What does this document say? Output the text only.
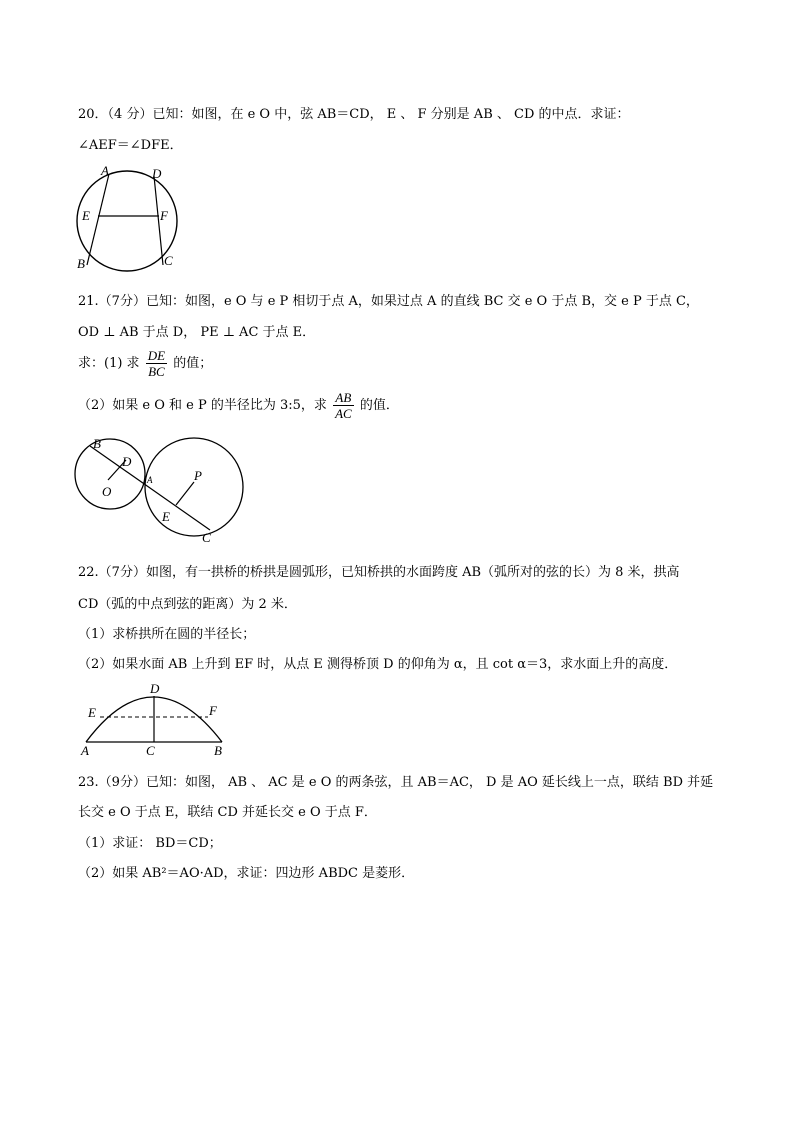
20．（4 分）已知：如图，在 e O 中，弦 AB＝CD， E 、 F 分别是 AB 、 CD 的中点．求证：
∠AEF＝∠DFE．
A	D
E	F
B	C
21.（7分）已知：如图，e O 与 e P 相切于点 A，如果过点 A 的直线 BC 交 e O 于点 B，交 e P 于点 C，
OD ⊥ AB 于点 D， PE ⊥ AC 于点 E．
求：(1) 求 $\frac{DE}{BC}$ 的值；
（2）如果 e O 和 e P 的半径比为 3:5，求 $\frac{AB}{AC}$ 的值．
B
D
O
A	P
E
C
22.（7分）如图，有一拱桥的桥拱是圆弧形，已知桥拱的水面跨度 AB（弧所对的弦的长）为 8 米，拱高
CD（弧的中点到弦的距离）为 2 米．
（1）求桥拱所在圆的半径长；
（2）如果水面 AB 上升到 EF 时，从点 E 测得桥顶 D 的仰角为 α，且 cot α＝3，求水面上升的高度．
D
E	F
A	C	B
23.（9分）已知：如图， AB 、 AC 是 e O 的两条弦，且 AB＝AC， D 是 AO 延长线上一点，联结 BD 并延
长交 e O 于点 E，联结 CD 并延长交 e O 于点 F．
（1）求证： BD＝CD；
（2）如果 AB²＝AO·AD，求证：四边形 ABDC 是菱形．
